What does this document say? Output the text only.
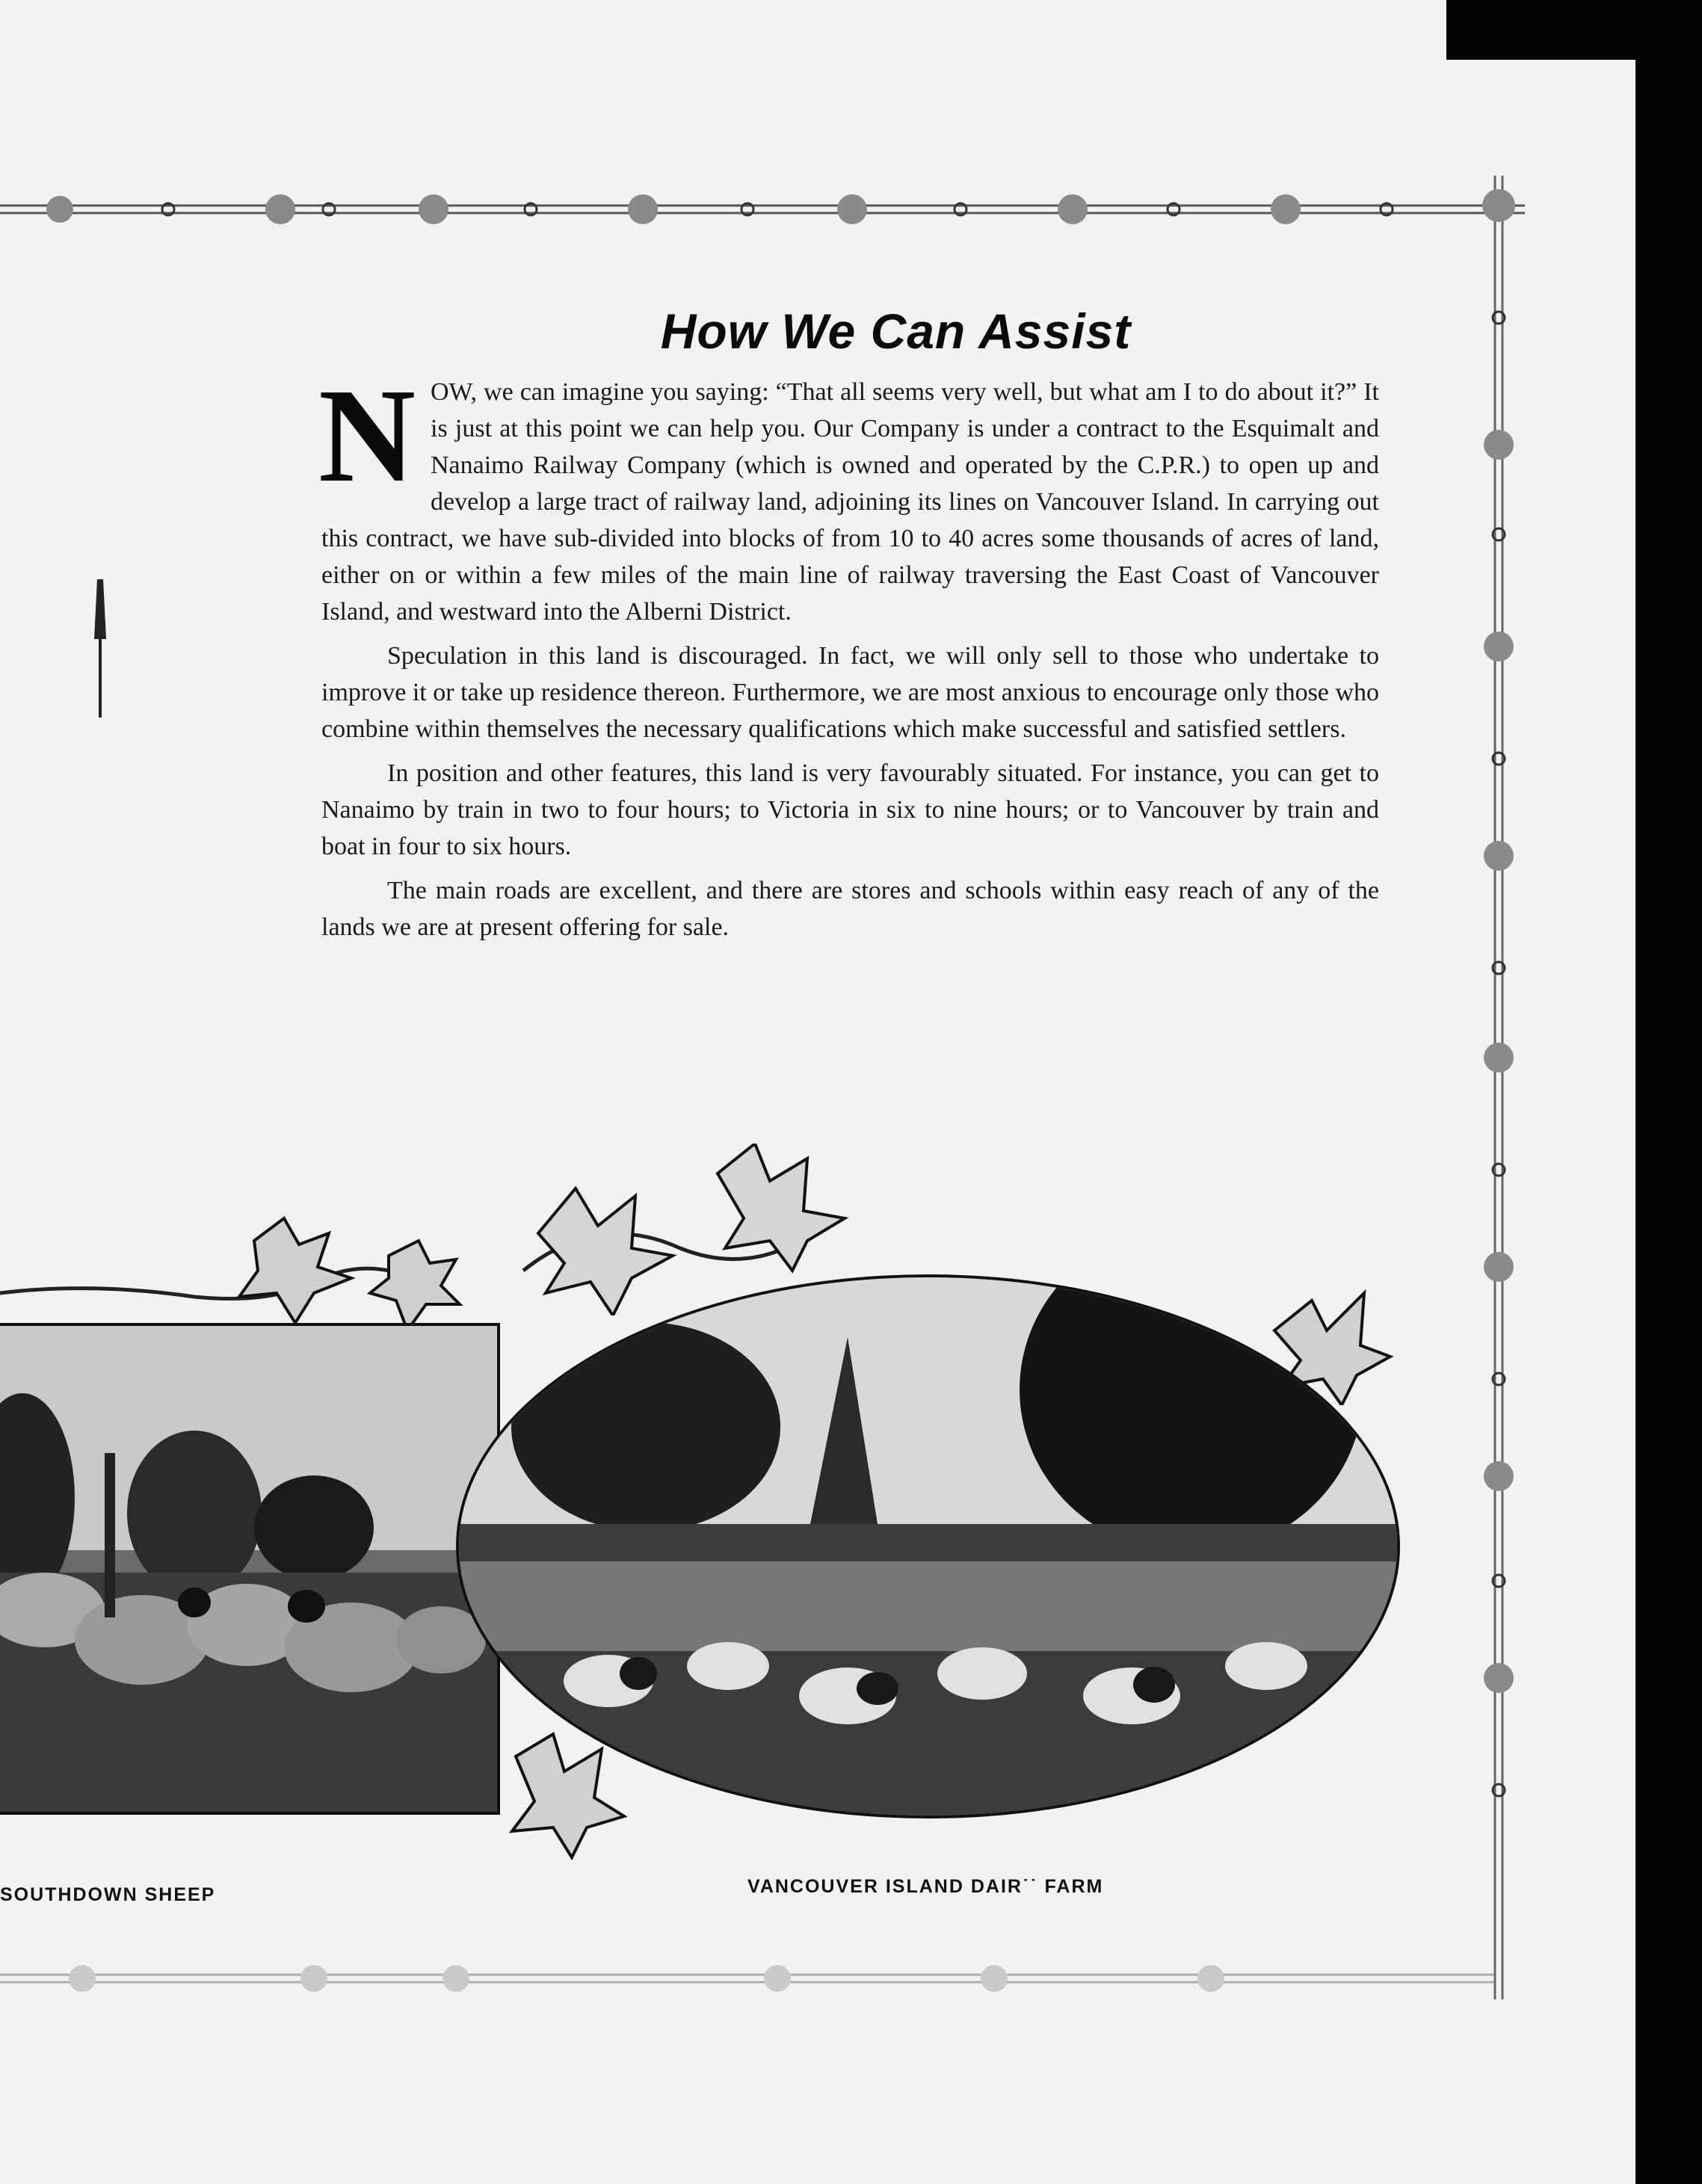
How We Can Assist

N OW, we can imagine you saying: “That all seems very well, but what am I to do about it?” It is just at this point we can help you. Our Company is under a contract to the Esquimalt and Nanaimo Railway Company (which is owned and operated by the C.P.R.) to open up and develop a large tract of railway land, adjoining its lines on Vancouver Island. In carrying out this contract, we have sub-divided into blocks of from 10 to 40 acres some thousands of acres of land, either on or within a few miles of the main line of railway traversing the East Coast of Vancouver Island, and westward into the Alberni District.

Speculation in this land is discouraged. In fact, we will only sell to those who undertake to improve it or take up residence thereon. Furthermore, we are most anxious to encourage only those who combine within themselves the necessary qualifications which make successful and satisfied settlers.

In position and other features, this land is very favourably situated. For instance, you can get to Nanaimo by train in two to four hours; to Victoria in six to nine hours; or to Vancouver by train and boat in four to six hours.

The main roads are excellent, and there are stores and schools within easy reach of any of the lands we are at present offering for sale.

SOUTHDOWN SHEEP	VANCOUVER ISLAND DAIR˙˙ FARM
